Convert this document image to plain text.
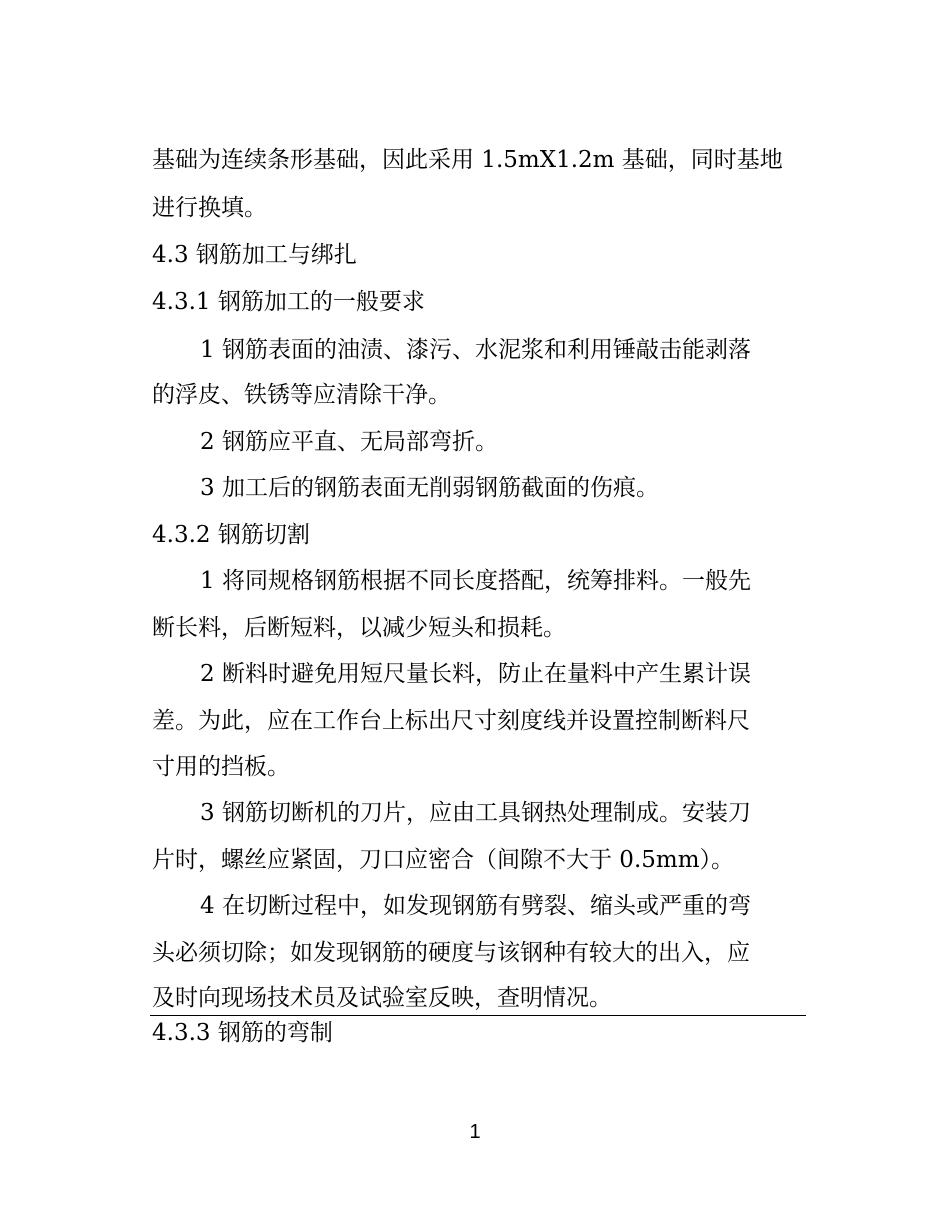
基础为连续条形基础，因此采用 1.5mX1.2m 基础，同时基地
进行换填。
4.3 钢筋加工与绑扎
4.3.1 钢筋加工的一般要求
1 钢筋表面的油渍、漆污、水泥浆和利用锤敲击能剥落
的浮皮、铁锈等应清除干净。
2 钢筋应平直、无局部弯折。
3 加工后的钢筋表面无削弱钢筋截面的伤痕。
4.3.2 钢筋切割
1 将同规格钢筋根据不同长度搭配，统筹排料。一般先
断长料，后断短料，以减少短头和损耗。
2 断料时避免用短尺量长料，防止在量料中产生累计误
差。为此，应在工作台上标出尺寸刻度线并设置控制断料尺
寸用的挡板。
3 钢筋切断机的刀片，应由工具钢热处理制成。安装刀
片时，螺丝应紧固，刀口应密合（间隙不大于 0.5mm）。
4 在切断过程中，如发现钢筋有劈裂、缩头或严重的弯
头必须切除；如发现钢筋的硬度与该钢种有较大的出入，应
及时向现场技术员及试验室反映，查明情况。
4.3.3 钢筋的弯制
1
